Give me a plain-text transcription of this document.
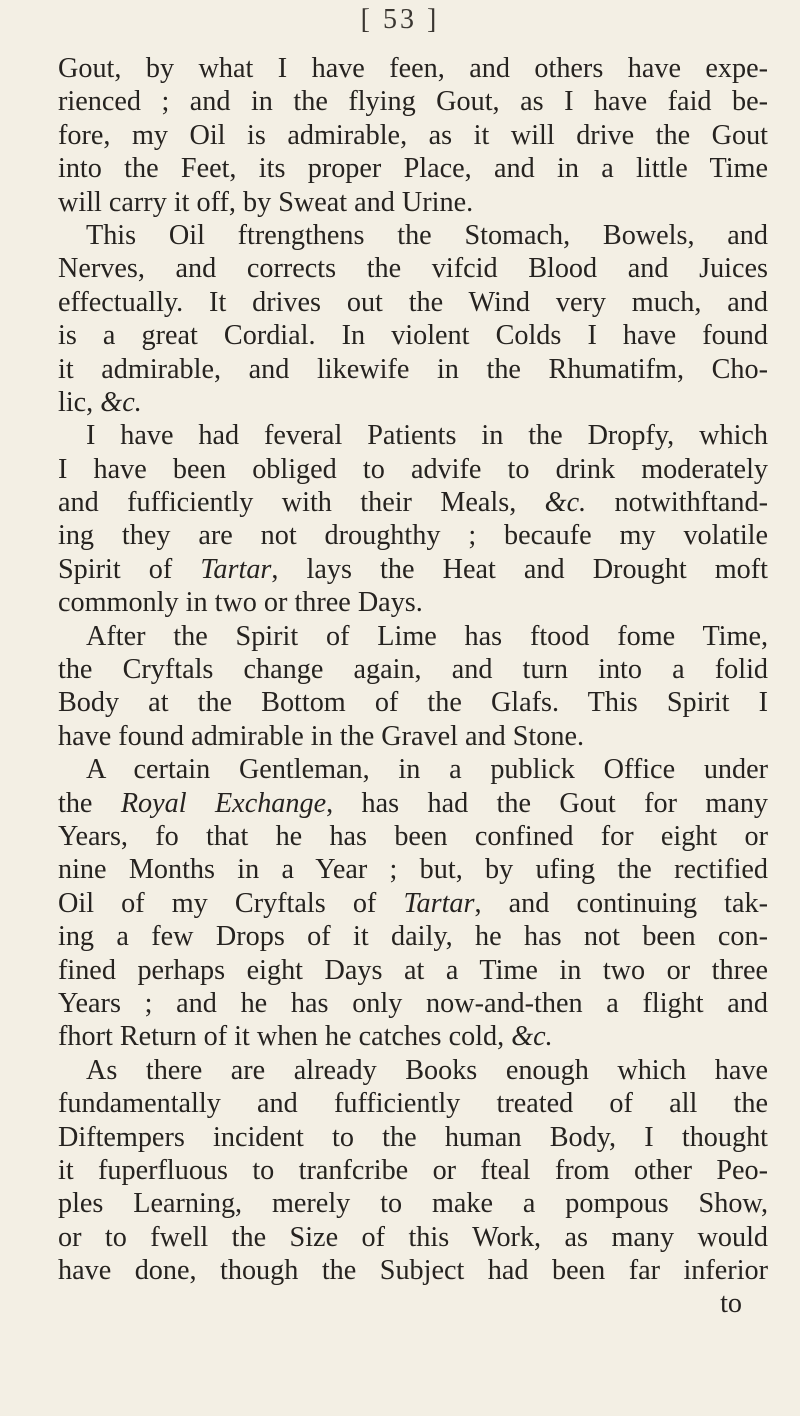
[ 53 ]
Gout, by what I have feen, and others have expe-
rienced ; and in the flying Gout, as I have faid be-
fore, my Oil is admirable, as it will drive the Gout
into the Feet, its proper Place, and in a little Time
will carry it off, by Sweat and Urine.
This Oil ftrengthens the Stomach, Bowels, and
Nerves, and corrects the vifcid Blood and Juices
effectually. It drives out the Wind very much, and
is a great Cordial. In violent Colds I have found
it admirable, and likewife in the Rhumatifm, Cho-
lic, &c.
I have had feveral Patients in the Dropfy, which
I have been obliged to advife to drink moderately
and fufficiently with their Meals, &c. notwithftand-
ing they are not droughthy ; becaufe my volatile
Spirit of Tartar, lays the Heat and Drought moft
commonly in two or three Days.
After the Spirit of Lime has ftood fome Time,
the Cryftals change again, and turn into a folid
Body at the Bottom of the Glafs. This Spirit I
have found admirable in the Gravel and Stone.
A certain Gentleman, in a publick Office under
the Royal Exchange, has had the Gout for many
Years, fo that he has been confined for eight or
nine Months in a Year ; but, by ufing the rectified
Oil of my Cryftals of Tartar, and continuing tak-
ing a few Drops of it daily, he has not been con-
fined perhaps eight Days at a Time in two or three
Years ; and he has only now-and-then a flight and
fhort Return of it when he catches cold, &c.
As there are already Books enough which have
fundamentally and fufficiently treated of all the
Diftempers incident to the human Body, I thought
it fuperfluous to tranfcribe or fteal from other Peo-
ples Learning, merely to make a pompous Show,
or to fwell the Size of this Work, as many would
have done, though the Subject had been far inferior
to
